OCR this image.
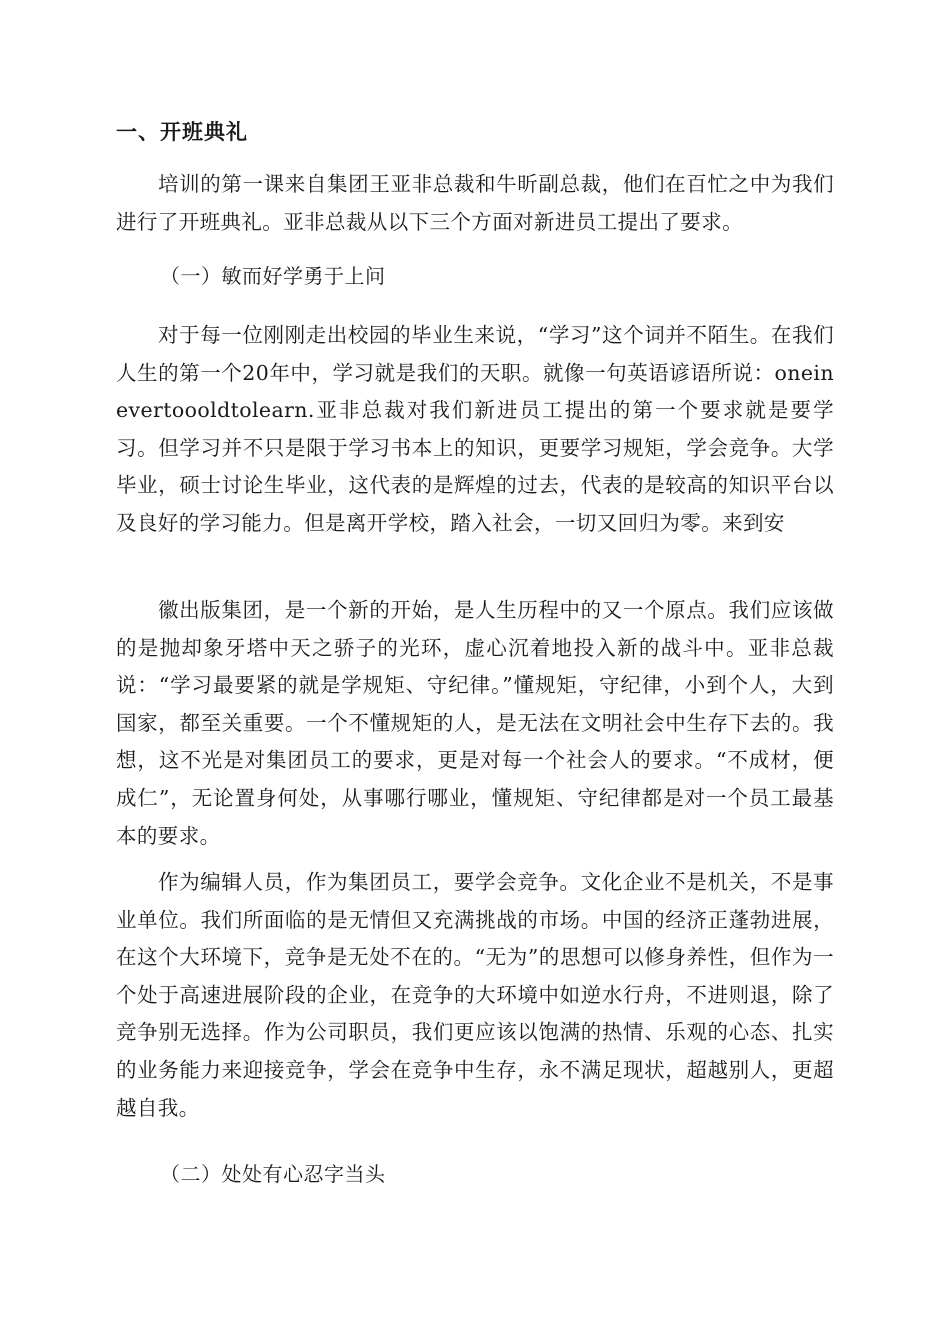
一、开班典礼

培训的第一课来自集团王亚非总裁和牛昕副总裁，他们在百忙之中为我们进行了开班典礼。亚非总裁从以下三个方面对新进员工提出了要求。

（一）敏而好学勇于上问

对于每一位刚刚走出校园的毕业生来说，“学习”这个词并不陌生。在我们人生的第一个20年中，学习就是我们的天职。就像一句英语谚语所说：oneinevertoooldtolearn.亚非总裁对我们新进员工提出的第一个要求就是要学习。但学习并不只是限于学习书本上的知识，更要学习规矩，学会竞争。大学毕业，硕士讨论生毕业，这代表的是辉煌的过去，代表的是较高的知识平台以及良好的学习能力。但是离开学校，踏入社会，一切又回归为零。来到安

徽出版集团，是一个新的开始，是人生历程中的又一个原点。我们应该做的是抛却象牙塔中天之骄子的光环，虚心沉着地投入新的战斗中。亚非总裁说：“学习最要紧的就是学规矩、守纪律。”懂规矩，守纪律，小到个人，大到国家，都至关重要。一个不懂规矩的人，是无法在文明社会中生存下去的。我想，这不光是对集团员工的要求，更是对每一个社会人的要求。“不成材，便成仁”，无论置身何处，从事哪行哪业，懂规矩、守纪律都是对一个员工最基本的要求。

作为编辑人员，作为集团员工，要学会竞争。文化企业不是机关，不是事业单位。我们所面临的是无情但又充满挑战的市场。中国的经济正蓬勃进展，在这个大环境下，竞争是无处不在的。“无为”的思想可以修身养性，但作为一个处于高速进展阶段的企业，在竞争的大环境中如逆水行舟，不进则退，除了竞争别无选择。作为公司职员，我们更应该以饱满的热情、乐观的心态、扎实的业务能力来迎接竞争，学会在竞争中生存，永不满足现状，超越别人，更超越自我。

（二）处处有心忍字当头
